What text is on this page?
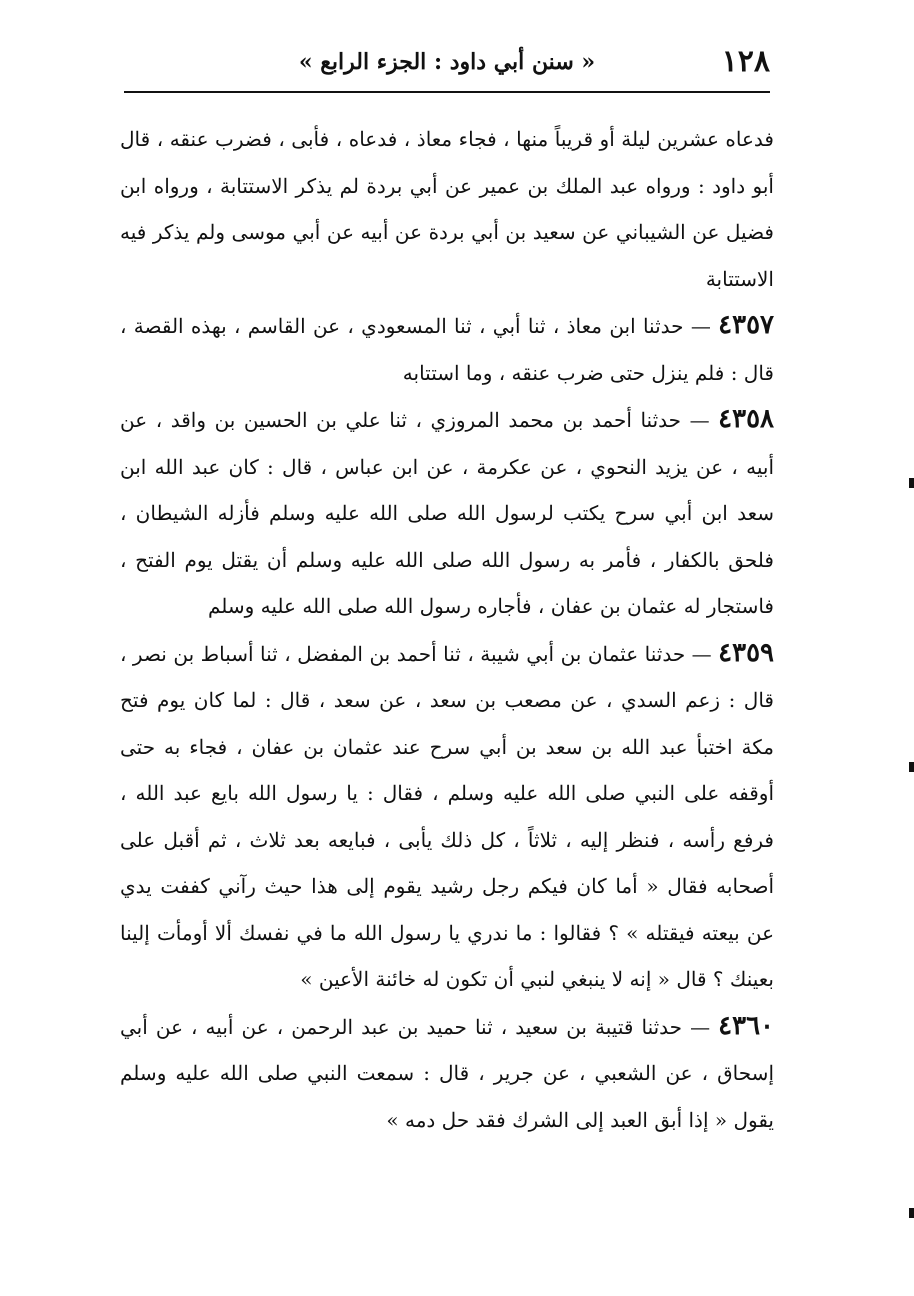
١٢٨
« سنن أبي داود : الجزء الرابع »

فدعاه عشرين ليلة أو قريباً منها ، فجاء معاذ ، فدعاه ، فأبى ، فضرب عنقه ، قال أبو داود : ورواه عبد الملك بن عمير عن أبي بردة لم يذكر الاستتابة ، ورواه ابن فضيل عن الشيباني عن سعيد بن أبي بردة عن أبيه عن أبي موسى ولم يذكر فيه الاستتابة

٤٣٥٧ — حدثنا ابن معاذ ، ثنا أبي ، ثنا المسعودي ، عن القاسم ، بهذه القصة ، قال : فلم ينزل حتى ضرب عنقه ، وما استتابه

٤٣٥٨ — حدثنا أحمد بن محمد المروزي ، ثنا علي بن الحسين بن واقد ، عن أبيه ، عن يزيد النحوي ، عن عكرمة ، عن ابن عباس ، قال : كان عبد الله ابن سعد ابن أبي سرح يكتب لرسول الله صلى الله عليه وسلم فأزله الشيطان ، فلحق بالكفار ، فأمر به رسول الله صلى الله عليه وسلم أن يقتل يوم الفتح ، فاستجار له عثمان بن عفان ، فأجاره رسول الله صلى الله عليه وسلم

٤٣٥٩ — حدثنا عثمان بن أبي شيبة ، ثنا أحمد بن المفضل ، ثنا أسباط بن نصر ، قال : زعم السدي ، عن مصعب بن سعد ، عن سعد ، قال : لما كان يوم فتح مكة اختبأ عبد الله بن سعد بن أبي سرح عند عثمان بن عفان ، فجاء به حتى أوقفه على النبي صلى الله عليه وسلم ، فقال : يا رسول الله بايع عبد الله ، فرفع رأسه ، فنظر إليه ، ثلاثاً ، كل ذلك يأبى ، فبايعه بعد ثلاث ، ثم أقبل على أصحابه فقال « أما كان فيكم رجل رشيد يقوم إلى هذا حيث رآني كففت يدي عن بيعته فيقتله » ؟ فقالوا : ما ندري يا رسول الله ما في نفسك ألا أومأت إلينا بعينك ؟ قال « إنه لا ينبغي لنبي أن تكون له خائنة الأعين »

٤٣٦٠ — حدثنا قتيبة بن سعيد ، ثنا حميد بن عبد الرحمن ، عن أبيه ، عن أبي إسحاق ، عن الشعبي ، عن جرير ، قال : سمعت النبي صلى الله عليه وسلم يقول « إذا أبق العبد إلى الشرك فقد حل دمه »
